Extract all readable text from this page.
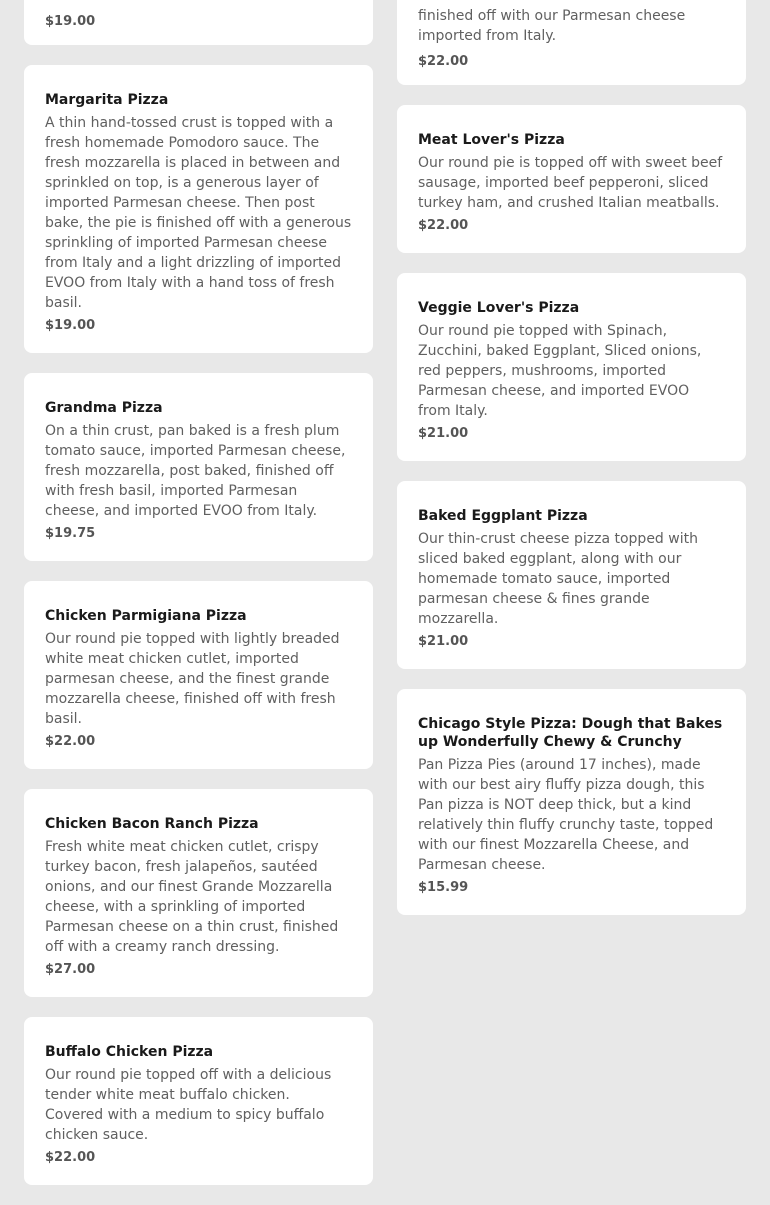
$19.00
Margarita Pizza
A thin hand-tossed crust is topped with a fresh homemade Pomodoro sauce. The fresh mozzarella is placed in between and sprinkled on top, is a generous layer of imported Parmesan cheese. Then post bake, the pie is finished off with a generous sprinkling of imported Parmesan cheese from Italy and a light drizzling of imported EVOO from Italy with a hand toss of fresh basil.
$19.00
Grandma Pizza
On a thin crust, pan baked is a fresh plum tomato sauce, imported Parmesan cheese, fresh mozzarella, post baked, finished off with fresh basil, imported Parmesan cheese, and imported EVOO from Italy.
$19.75
Chicken Parmigiana Pizza
Our round pie topped with lightly breaded white meat chicken cutlet, imported parmesan cheese, and the finest grande mozzarella cheese, finished off with fresh basil.
$22.00
Chicken Bacon Ranch Pizza
Fresh white meat chicken cutlet, crispy turkey bacon, fresh jalapeños, sautéed onions, and our finest Grande Mozzarella cheese, with a sprinkling of imported Parmesan cheese on a thin crust, finished off with a creamy ranch dressing.
$27.00
Buffalo Chicken Pizza
Our round pie topped off with a delicious tender white meat buffalo chicken. Covered with a medium to spicy buffalo chicken sauce.
$22.00
finished off with our Parmesan cheese imported from Italy.
$22.00
Meat Lover's Pizza
Our round pie is topped off with sweet beef sausage, imported beef pepperoni, sliced turkey ham, and crushed Italian meatballs.
$22.00
Veggie Lover's Pizza
Our round pie topped with Spinach, Zucchini, baked Eggplant, Sliced onions, red peppers, mushrooms, imported Parmesan cheese, and imported EVOO from Italy.
$21.00
Baked Eggplant Pizza
Our thin-crust cheese pizza topped with sliced baked eggplant, along with our homemade tomato sauce, imported parmesan cheese & fines grande mozzarella.
$21.00
Chicago Style Pizza: Dough that Bakes up Wonderfully Chewy & Crunchy
Pan Pizza Pies (around 17 inches), made with our best airy fluffy pizza dough, this Pan pizza is NOT deep thick, but a kind relatively thin fluffy crunchy taste, topped with our finest Mozzarella Cheese, and Parmesan cheese.
$15.99
